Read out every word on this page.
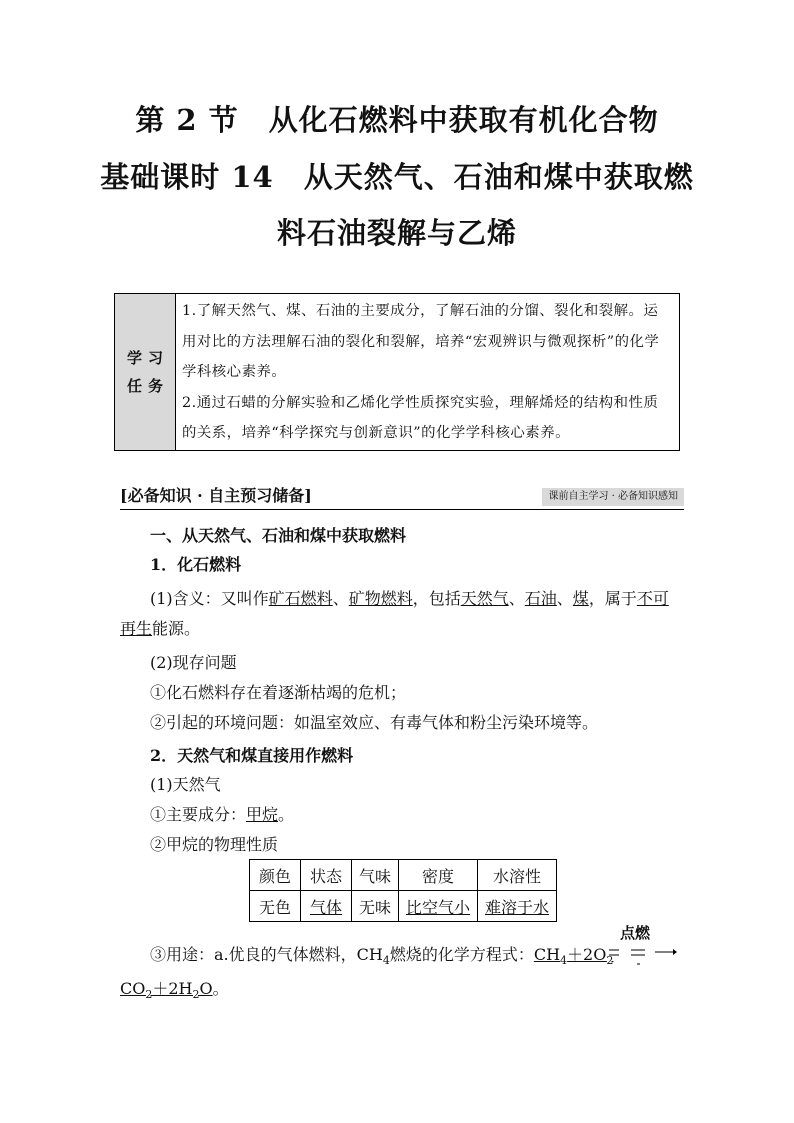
第 2 节　从化石燃料中获取有机化合物
基础课时 14　从天然气、石油和煤中获取燃
料石油裂解与乙烯
学习
任务

1.了解天然气、煤、石油的主要成分，了解石油的分馏、裂化和裂解。运用对比的方法理解石油的裂化和裂解，培养“宏观辨识与微观探析”的化学学科核心素养。

2.通过石蜡的分解实验和乙烯化学性质探究实验，理解烯烃的结构和性质的关系，培养“科学探究与创新意识”的化学学科核心素养。

[必备知识 · 自主预习储备]	课前自主学习 · 必备知识感知
一、从天然气、石油和煤中获取燃料
1．化石燃料
(1)含义：又叫作矿石燃料、矿物燃料，包括天然气、石油、煤，属于不可
再生能源。
(2)现存问题
①化石燃料存在着逐渐枯竭的危机；
②引起的环境问题：如温室效应、有毒气体和粉尘污染环境等。
2．天然气和煤直接用作燃料
(1)天然气
①主要成分：甲烷。
②甲烷的物理性质
颜色	状态	气味	密度	水溶性
无色	气体	无味	比空气小	难溶于水
③用途：a.优良的气体燃料，$CH_4$燃烧的化学方程式：$CH_4+2O_2$
点燃
$CO_2+2H_2O$。
